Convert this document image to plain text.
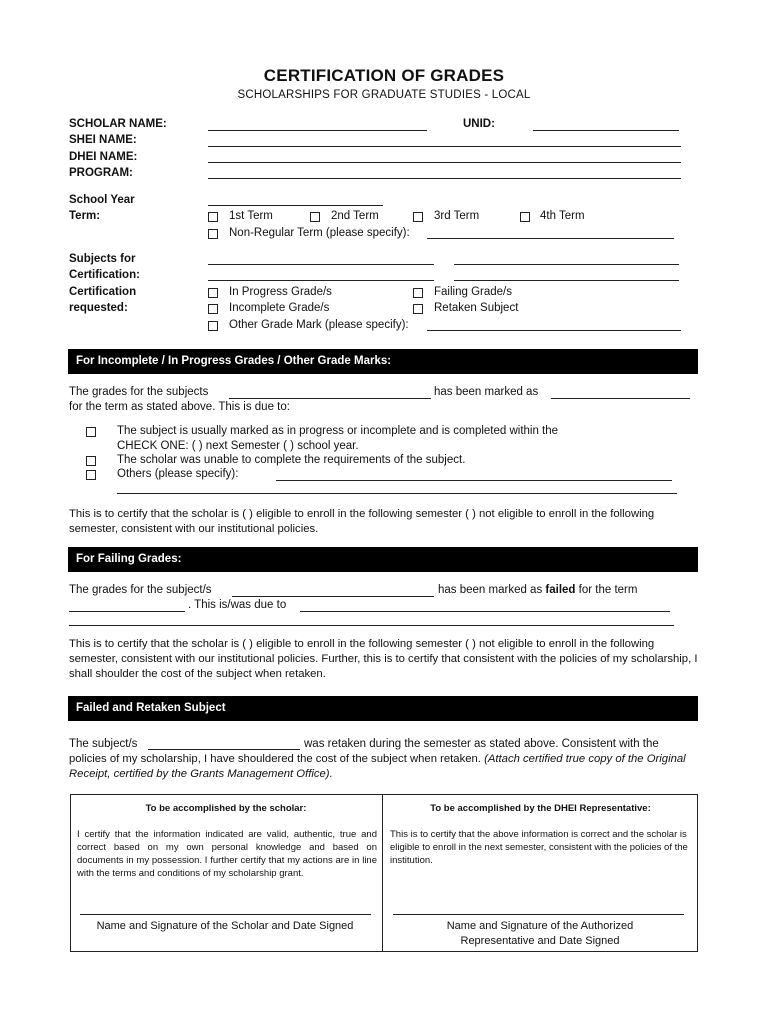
CERTIFICATION OF GRADES
SCHOLARSHIPS FOR GRADUATE STUDIES - LOCAL
SCHOLAR NAME:	UNID:
SHEI NAME:
DHEI NAME:
PROGRAM:
School Year
Term:	1st Term	2nd Term	3rd Term	4th Term
Non-Regular Term (please specify):
Subjects for
Certification:
Certification
requested:
In Progress Grade/s	Failing Grade/s
Incomplete Grade/s	Retaken Subject
Other Grade Mark (please specify):
For Incomplete / In Progress Grades / Other Grade Marks:
The grades for the subjects	has been marked as
for the term as stated above. This is due to:
The subject is usually marked as in progress or incomplete and is completed within the
CHECK ONE: ( ) next Semester ( ) school year.
The scholar was unable to complete the requirements of the subject.
Others (please specify):
This is to certify that the scholar is ( ) eligible to enroll in the following semester ( ) not eligible to enroll in the following semester, consistent with our institutional policies.
For Failing Grades:
The grades for the subject/s	has been marked as failed for the term
. This is/was due to
This is to certify that the scholar is ( ) eligible to enroll in the following semester ( ) not eligible to enroll in the following semester, consistent with our institutional policies. Further, this is to certify that consistent with the policies of my scholarship, I shall shoulder the cost of the subject when retaken.
Failed and Retaken Subject
The subject/s	was retaken during the semester as stated above. Consistent with the
policies of my scholarship, I have shouldered the cost of the subject when retaken. (Attach certified true copy of the Original Receipt, certified by the Grants Management Office).
To be accomplished by the scholar:
I certify that the information indicated are valid, authentic, true and correct based on my own personal knowledge and based on documents in my possession. I further certify that my actions are in line with the terms and conditions of my scholarship grant.
Name and Signature of the Scholar and Date Signed
To be accomplished by the DHEI Representative:
This is to certify that the above information is correct and the scholar is eligible to enroll in the next semester, consistent with the policies of the institution.
Name and Signature of the Authorized Representative and Date Signed
